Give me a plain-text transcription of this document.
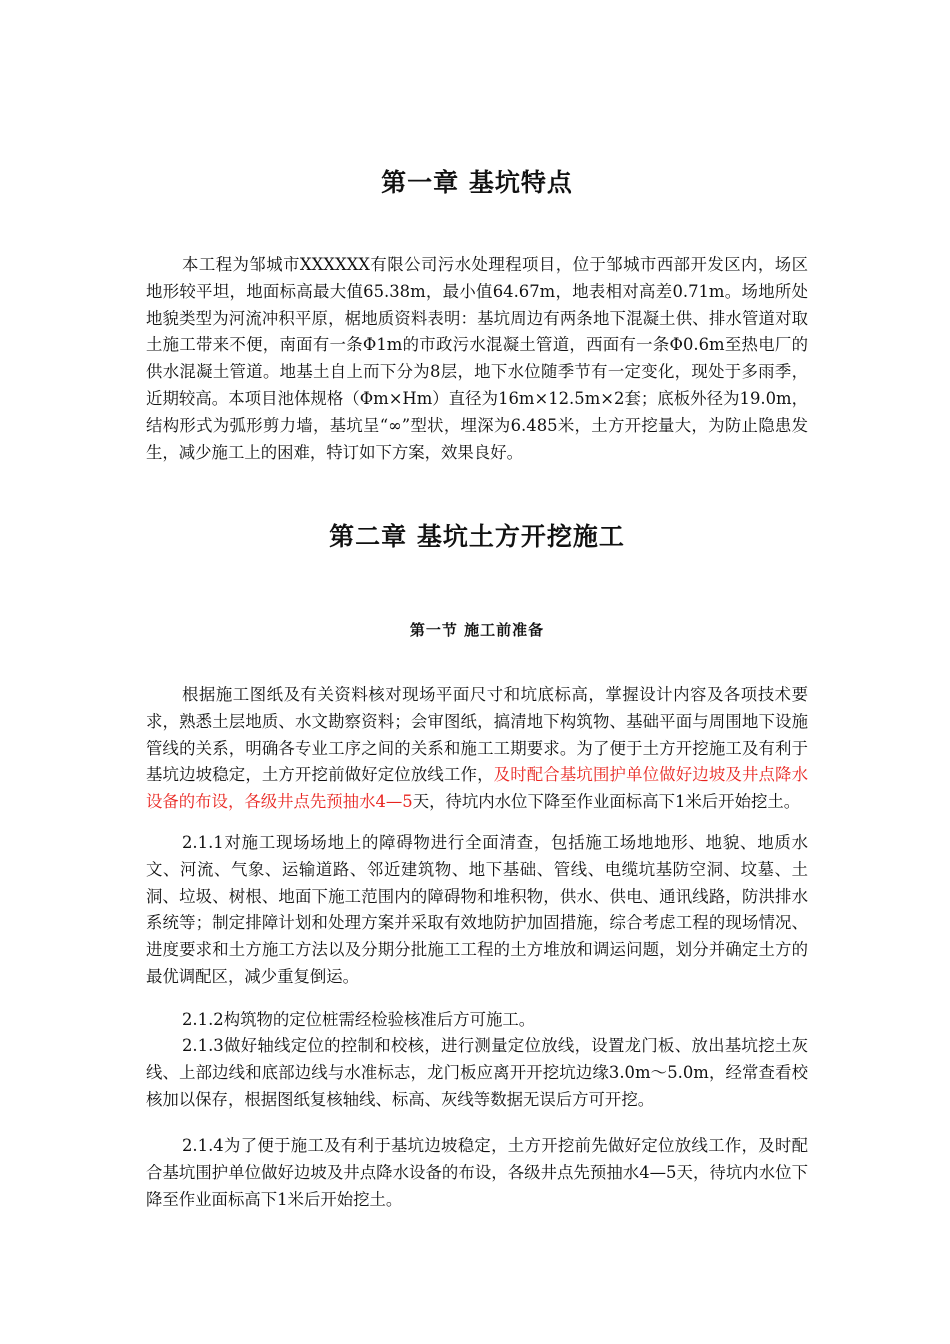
第一章 基坑特点

本工程为邹城市XXXXXX有限公司污水处理程项目，位于邹城市西部开发区内，场区地形较平坦，地面标高最大值65.38m，最小值64.67m，地表相对高差0.71m。场地所处地貌类型为河流冲积平原，椐地质资料表明：基坑周边有两条地下混凝土供、排水管道对取土施工带来不便，南面有一条Φ1m的市政污水混凝土管道，西面有一条Φ0.6m至热电厂的供水混凝土管道。地基土自上而下分为8层，地下水位随季节有一定变化，现处于多雨季，近期较高。本项目池体规格（Φm×Hm）直径为16m×12.5m×2套；底板外径为19.0m，结构形式为弧形剪力墙，基坑呈“∞”型状，埋深为6.485米，土方开挖量大，为防止隐患发生，减少施工上的困难，特订如下方案，效果良好。

第二章 基坑土方开挖施工
第一节 施工前准备

根据施工图纸及有关资料核对现场平面尺寸和坑底标高，掌握设计内容及各项技术要求，熟悉土层地质、水文勘察资料；会审图纸，搞清地下构筑物、基础平面与周围地下设施管线的关系，明确各专业工序之间的关系和施工工期要求。为了便于土方开挖施工及有利于基坑边坡稳定，土方开挖前做好定位放线工作，及时配合基坑围护单位做好边坡及井点降水设备的布设，各级井点先预抽水4—5天，待坑内水位下降至作业面标高下1米后开始挖土。

2.1.1对施工现场场地上的障碍物进行全面清查，包括施工场地地形、地貌、地质水文、河流、气象、运输道路、邻近建筑物、地下基础、管线、电缆坑基防空洞、坟墓、土洞、垃圾、树根、地面下施工范围内的障碍物和堆积物，供水、供电、通讯线路，防洪排水系统等；制定排障计划和处理方案并采取有效地防护加固措施，综合考虑工程的现场情况、进度要求和土方施工方法以及分期分批施工工程的土方堆放和调运问题，划分并确定土方的最优调配区，减少重复倒运。

2.1.2构筑物的定位桩需经检验核准后方可施工。

2.1.3做好轴线定位的控制和校核，进行测量定位放线，设置龙门板、放出基坑挖土灰线、上部边线和底部边线与水准标志，龙门板应离开开挖坑边缘3.0m～5.0m，经常查看校核加以保存，根据图纸复核轴线、标高、灰线等数据无误后方可开挖。

2.1.4为了便于施工及有利于基坑边坡稳定，土方开挖前先做好定位放线工作，及时配合基坑围护单位做好边坡及井点降水设备的布设，各级井点先预抽水4—5天，待坑内水位下降至作业面标高下1米后开始挖土。
